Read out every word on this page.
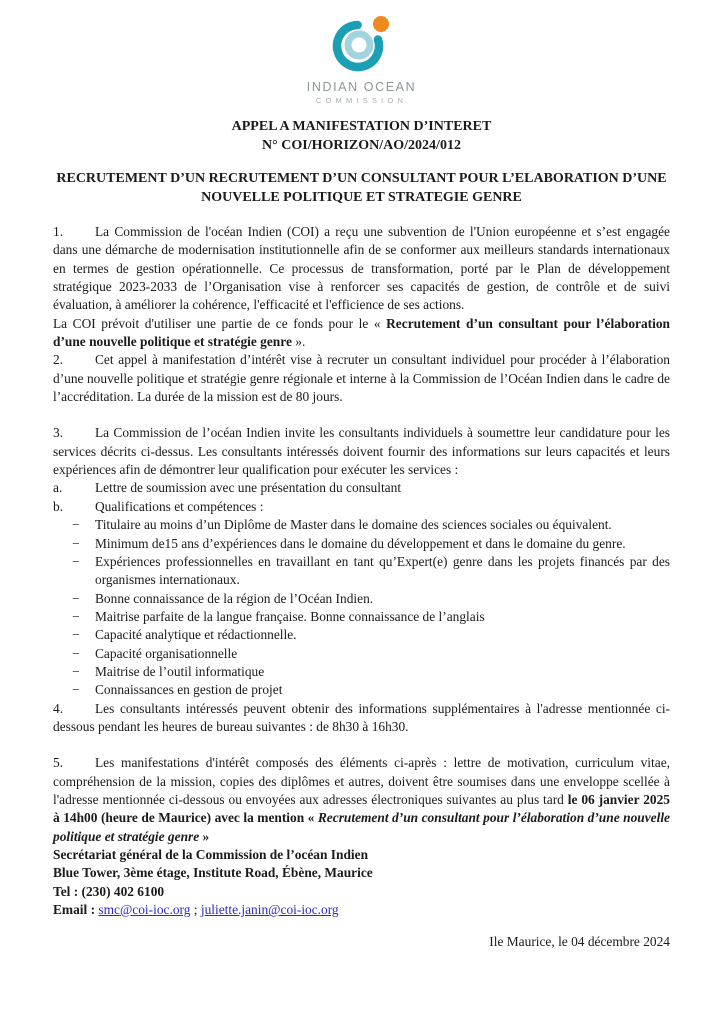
INDIAN OCEAN
COMMISSION
APPEL A MANIFESTATION D’INTERET
N° COI/HORIZON/AO/2024/012
RECRUTEMENT D’UN RECRUTEMENT D’UN CONSULTANT POUR L’ELABORATION D’UNE
NOUVELLE POLITIQUE ET STRATEGIE GENRE
1. La Commission de l'océan Indien (COI) a reçu une subvention de l'Union européenne et s’est engagée dans une démarche de modernisation institutionnelle afin de se conformer aux meilleurs standards internationaux en termes de gestion opérationnelle. Ce processus de transformation, porté par le Plan de développement stratégique 2023-2033 de l’Organisation vise à renforcer ses capacités de gestion, de contrôle et de suivi évaluation, à améliorer la cohérence, l'efficacité et l'efficience de ses actions.
La COI prévoit d'utiliser une partie de ce fonds pour le « Recrutement d’un consultant pour l’élaboration d’une nouvelle politique et stratégie genre ».
2. Cet appel à manifestation d’intérêt vise à recruter un consultant individuel pour procéder à l’élaboration d’une nouvelle politique et stratégie genre régionale et interne à la Commission de l’Océan Indien dans le cadre de l’accréditation. La durée de la mission est de 80 jours.
3. La Commission de l’océan Indien invite les consultants individuels à soumettre leur candidature pour les services décrits ci-dessus. Les consultants intéressés doivent fournir des informations sur leurs capacités et leurs expériences afin de démontrer leur qualification pour exécuter les services :
a. Lettre de soumission avec une présentation du consultant
b. Qualifications et compétences :
− Titulaire au moins d’un Diplôme de Master dans le domaine des sciences sociales ou équivalent.
− Minimum de15 ans d’expériences dans le domaine du développement et dans le domaine du genre.
− Expériences professionnelles en travaillant en tant qu’Expert(e) genre dans les projets financés par des organismes internationaux.
− Bonne connaissance de la région de l’Océan Indien.
− Maitrise parfaite de la langue française. Bonne connaissance de l’anglais
− Capacité analytique et rédactionnelle.
− Capacité organisationnelle
− Maitrise de l’outil informatique
− Connaissances en gestion de projet
4. Les consultants intéressés peuvent obtenir des informations supplémentaires à l'adresse mentionnée ci-dessous pendant les heures de bureau suivantes : de 8h30 à 16h30.
5. Les manifestations d'intérêt composés des éléments ci-après : lettre de motivation, curriculum vitae, compréhension de la mission, copies des diplômes et autres, doivent être soumises dans une enveloppe scellée à l'adresse mentionnée ci-dessous ou envoyées aux adresses électroniques suivantes au plus tard le 06 janvier 2025 à 14h00 (heure de Maurice) avec la mention « Recrutement d’un consultant pour l’élaboration d’une nouvelle politique et stratégie genre »
Secrétariat général de la Commission de l’océan Indien
Blue Tower, 3ème étage, Institute Road, Ébène, Maurice
Tel : (230) 402 6100
Email : smc@coi-ioc.org ; juliette.janin@coi-ioc.org
Ile Maurice, le 04 décembre 2024
